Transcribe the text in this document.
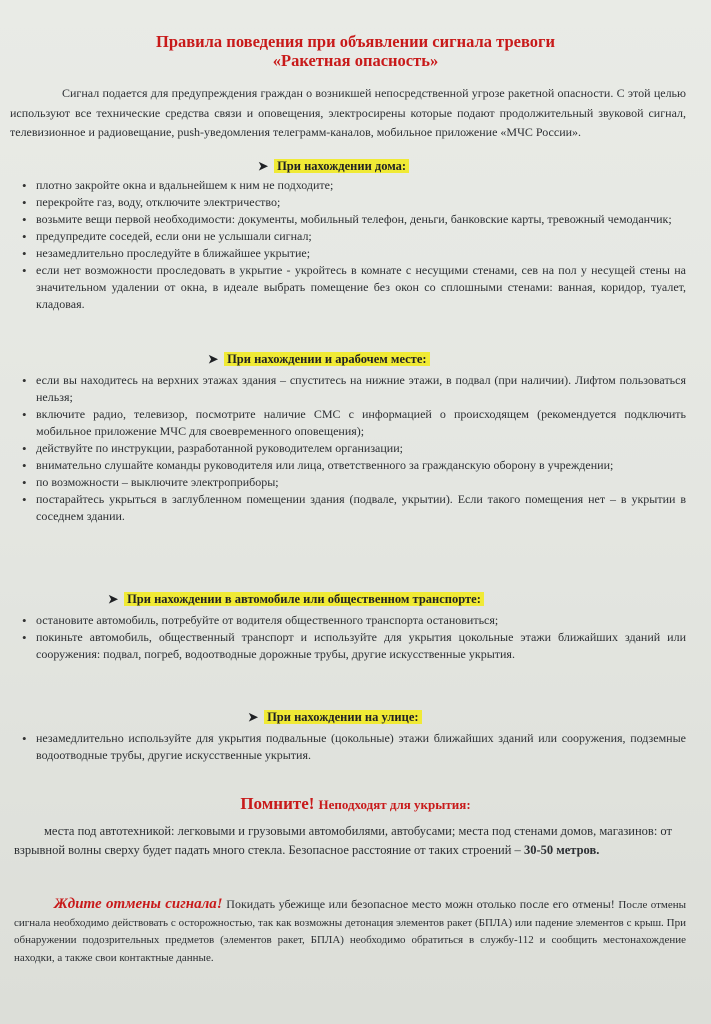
Правила поведения при объявлении сигнала тревоги
«Ракетная опасность»
Сигнал подается для предупреждения граждан о возникшей непосредственной угрозе ракетной опасности. С этой целью используют все технические средства связи и оповещения, электросирены которые подают продолжительный звуковой сигнал, телевизионное и радиовещание, push-уведомления телеграмм-каналов, мобильное приложение «МЧС России».
➤ При нахождении дома:
• плотно закройте окна и вдальнейшем к ним не подходите;
• перекройте газ, воду, отключите электричество;
• возьмите вещи первой необходимости: документы, мобильный телефон, деньги, банковские карты, тревожный чемоданчик;
• предупредите соседей, если они не услышали сигнал;
• незамедлительно проследуйте в ближайшее укрытие;
• если нет возможности проследовать в укрытие - укройтесь в комнате с несущими стенами, сев на пол у несущей стены на значительном удалении от окна, в идеале выбрать помещение без окон со сплошными стенами: ванная, коридор, туалет, кладовая.
➤ При нахождении и арабочем месте:
• если вы находитесь на верхних этажах здания – спуститесь на нижние этажи, в подвал (при наличии). Лифтом пользоваться нельзя;
• включите радио, телевизор, посмотрите наличие СМС с информацией о происходящем (рекомендуется подключить мобильное приложение МЧС для своевременного оповещения);
• действуйте по инструкции, разработанной руководителем организации;
• внимательно слушайте команды руководителя или лица, ответственного за гражданскую оборону в учреждении;
• по возможности – выключите электроприборы;
• постарайтесь укрыться в заглубленном помещении здания (подвале, укрытии). Если такого помещения нет – в укрытии в соседнем здании.
➤ При нахождении в автомобиле или общественном транспорте:
• остановите автомобиль, потребуйте от водителя общественного транспорта остановиться;
• покиньте автомобиль, общественный транспорт и используйте для укрытия цокольные этажи ближайших зданий или сооружения: подвал, погреб, водоотводные дорожные трубы, другие искусственные укрытия.
➤ При нахождении на улице:
• незамедлительно используйте для укрытия подвальные (цокольные) этажи ближайших зданий или сооружения, подземные водоотводные трубы, другие искусственные укрытия.
Помните! Неподходят для укрытия:
места под автотехникой: легковыми и грузовыми автомобилями, автобусами; места под стенами домов, магазинов: от взрывной волны сверху будет падать много стекла. Безопасное расстояние от таких строений – 30-50 метров.
Ждите отмены сигнала! Покидать убежище или безопасное место можн отолько после его отмены! После отмены сигнала необходимо действовать с осторожностью, так как возможны детонация элементов ракет (БПЛА) или падение элементов с крыш. При обнаружении подозрительных предметов (элементов ракет, БПЛА) необходимо обратиться в службу-112 и сообщить местонахождение находки, а также свои контактные данные.
